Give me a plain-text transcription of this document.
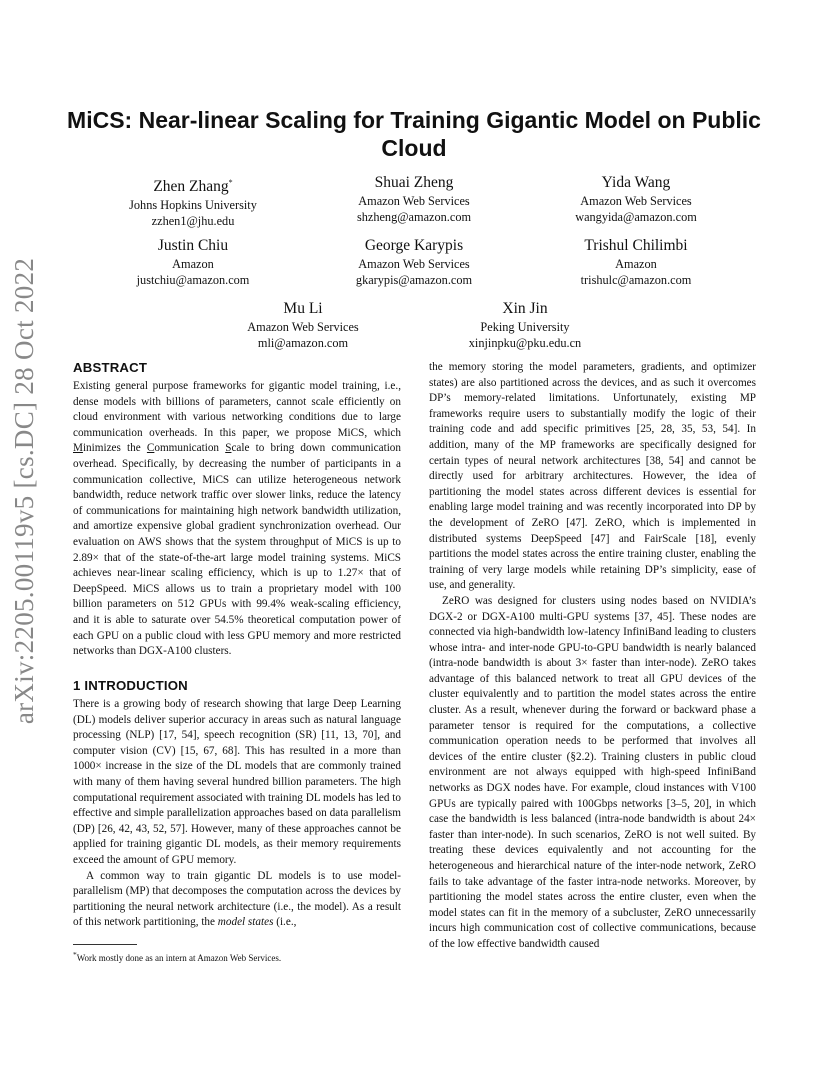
arXiv:2205.00119v5 [cs.DC] 28 Oct 2022
MiCS: Near-linear Scaling for Training Gigantic Model on Public Cloud
Zhen Zhang*
Johns Hopkins University
zzhen1@jhu.edu
Shuai Zheng
Amazon Web Services
shzheng@amazon.com
Yida Wang
Amazon Web Services
wangyida@amazon.com
Justin Chiu
Amazon
justchiu@amazon.com
George Karypis
Amazon Web Services
gkarypis@amazon.com
Trishul Chilimbi
Amazon
trishulc@amazon.com
Mu Li
Amazon Web Services
mli@amazon.com
Xin Jin
Peking University
xinjinpku@pku.edu.cn
ABSTRACT

Existing general purpose frameworks for gigantic model training, i.e., dense models with billions of parameters, cannot scale efficiently on cloud environment with various networking conditions due to large communication overheads. In this paper, we propose MiCS, which Minimizes the Communication Scale to bring down communication overhead. Specifically, by decreasing the number of participants in a communication collective, MiCS can utilize heterogeneous network bandwidth, reduce network traffic over slower links, reduce the latency of communications for maintaining high network bandwidth utilization, and amortize expensive global gradient synchronization overhead. Our evaluation on AWS shows that the system throughput of MiCS is up to 2.89× that of the state-of-the-art large model training systems. MiCS achieves near-linear scaling efficiency, which is up to 1.27× that of DeepSpeed. MiCS allows us to train a proprietary model with 100 billion parameters on 512 GPUs with 99.4% weak-scaling efficiency, and it is able to saturate over 54.5% theoretical computation power of each GPU on a public cloud with less GPU memory and more restricted networks than DGX-A100 clusters.

1 INTRODUCTION

There is a growing body of research showing that large Deep Learning (DL) models deliver superior accuracy in areas such as natural language processing (NLP) [17, 54], speech recognition (SR) [11, 13, 70], and computer vision (CV) [15, 67, 68]. This has resulted in a more than 1000× increase in the size of the DL models that are commonly trained with many of them having several hundred billion parameters. The high computational requirement associated with training DL models has led to effective and simple parallelization approaches based on data parallelism (DP) [26, 42, 43, 52, 57]. However, many of these approaches cannot be applied for training gigantic DL models, as their memory requirements exceed the amount of GPU memory.

A common way to train gigantic DL models is to use model-parallelism (MP) that decomposes the computation across the devices by partitioning the neural network architecture (i.e., the model). As a result of this network partitioning, the model states (i.e.,

the memory storing the model parameters, gradients, and optimizer states) are also partitioned across the devices, and as such it overcomes DP’s memory-related limitations. Unfortunately, existing MP frameworks require users to substantially modify the logic of their training code and add specific primitives [25, 28, 35, 53, 54]. In addition, many of the MP frameworks are specifically designed for certain types of neural network architectures [38, 54] and cannot be directly used for arbitrary architectures. However, the idea of partitioning the model states across different devices is essential for enabling large model training and was recently incorporated into DP by the development of ZeRO [47]. ZeRO, which is implemented in distributed systems DeepSpeed [47] and FairScale [18], evenly partitions the model states across the entire training cluster, enabling the training of very large models while retaining DP’s simplicity, ease of use, and generality.

ZeRO was designed for clusters using nodes based on NVIDIA’s DGX-2 or DGX-A100 multi-GPU systems [37, 45]. These nodes are connected via high-bandwidth low-latency InfiniBand leading to clusters whose intra- and inter-node GPU-to-GPU bandwidth is nearly balanced (intra-node bandwidth is about 3× faster than inter-node). ZeRO takes advantage of this balanced network to treat all GPU devices of the cluster equivalently and to partition the model states across the entire cluster. As a result, whenever during the forward or backward phase a parameter tensor is required for the computations, a collective communication operation needs to be performed that involves all devices of the entire cluster (§2.2). Training clusters in public cloud environment are not always equipped with high-speed InfiniBand networks as DGX nodes have. For example, cloud instances with V100 GPUs are typically paired with 100Gbps networks [3–5, 20], in which case the bandwidth is less balanced (intra-node bandwidth is about 24× faster than inter-node). In such scenarios, ZeRO is not well suited. By treating these devices equivalently and not accounting for the heterogeneous and hierarchical nature of the inter-node network, ZeRO fails to take advantage of the faster intra-node networks. Moreover, by partitioning the model states across the entire cluster, even when the model states can fit in the memory of a subcluster, ZeRO unnecessarily incurs high communication cost of collective communications, because of the low effective bandwidth caused

*Work mostly done as an intern at Amazon Web Services.
